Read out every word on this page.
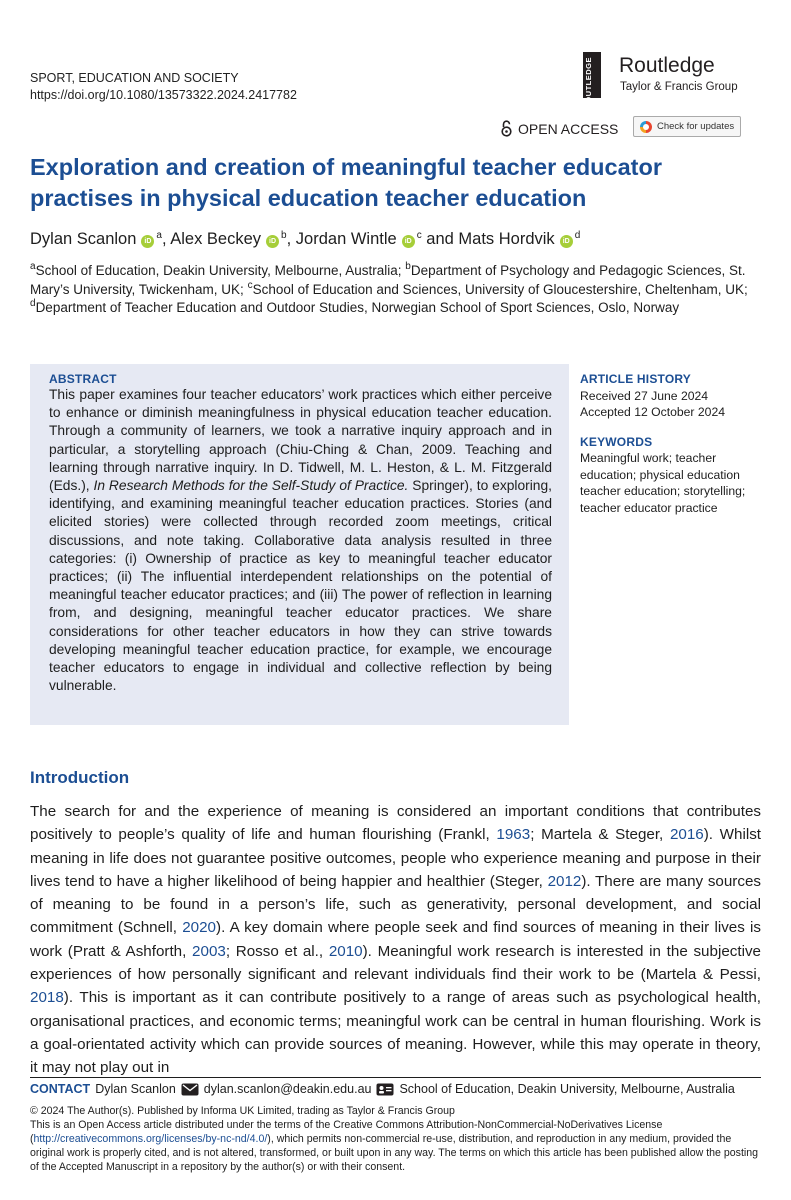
SPORT, EDUCATION AND SOCIETY
https://doi.org/10.1080/13573322.2024.2417782	ROUTLEDGE Routledge
Taylor & Francis Group
OPEN ACCESS	Check for updates
Exploration and creation of meaningful teacher educator practises in physical education teacher education
Dylan Scanlon $iD^a$, Alex Beckey $iD^b$, Jordan Wintle $iD^c$ and Mats Hordvik $iD^d$
$^a$School of Education, Deakin University, Melbourne, Australia; $^b$Department of Psychology and Pedagogic Sciences, St. Mary’s University, Twickenham, UK; $^c$School of Education and Sciences, University of Gloucestershire, Cheltenham, UK; $^d$Department of Teacher Education and Outdoor Studies, Norwegian School of Sport Sciences, Oslo, Norway
ABSTRACT

This paper examines four teacher educators’ work practices which either perceive to enhance or diminish meaningfulness in physical education teacher education. Through a community of learners, we took a narrative inquiry approach and in particular, a storytelling approach (Chiu-Ching & Chan, 2009. Teaching and learning through narrative inquiry. In D. Tidwell, M. L. Heston, & L. M. Fitzgerald (Eds.), In Research Methods for the Self-Study of Practice. Springer), to exploring, identifying, and examining meaningful teacher education practices. Stories (and elicited stories) were collected through recorded zoom meetings, critical discussions, and note taking. Collaborative data analysis resulted in three categories: (i) Ownership of practice as key to meaningful teacher educator practices; (ii) The influential interdependent relationships on the potential of meaningful teacher educator practices; and (iii) The power of reflection in learning from, and designing, meaningful teacher educator practices. We share considerations for other teacher educators in how they can strive towards developing meaningful teacher education practice, for example, we encourage teacher educators to engage in individual and collective reflection by being vulnerable.

ARTICLE HISTORY
Received 27 June 2024
Accepted 12 October 2024
KEYWORDS
Meaningful work; teacher education; physical education teacher education; storytelling; teacher educator practice
Introduction

The search for and the experience of meaning is considered an important conditions that contributes positively to people’s quality of life and human flourishing (Frankl, 1963; Martela & Steger, 2016). Whilst meaning in life does not guarantee positive outcomes, people who experience meaning and purpose in their lives tend to have a higher likelihood of being happier and healthier (Steger, 2012). There are many sources of meaning to be found in a person’s life, such as generativity, personal development, and social commitment (Schnell, 2020). A key domain where people seek and find sources of meaning in their lives is work (Pratt & Ashforth, 2003; Rosso et al., 2010). Meaningful work research is interested in the subjective experiences of how personally significant and relevant individuals find their work to be (Martela & Pessi, 2018). This is important as it can contribute positively to a range of areas such as psychological health, organisational practices, and economic terms; meaningful work can be central in human flourishing. Work is a goal-orientated activity which can provide sources of meaning. However, while this may operate in theory, it may not play out in

CONTACT Dylan Scanlon dylan.scanlon@deakin.edu.au School of Education, Deakin University, Melbourne, Australia
© 2024 The Author(s). Published by Informa UK Limited, trading as Taylor & Francis Group
This is an Open Access article distributed under the terms of the Creative Commons Attribution-NonCommercial-NoDerivatives License (http://creativecommons.org/licenses/by-nc-nd/4.0/), which permits non-commercial re-use, distribution, and reproduction in any medium, provided the original work is properly cited, and is not altered, transformed, or built upon in any way. The terms on which this article has been published allow the posting of the Accepted Manuscript in a repository by the author(s) or with their consent.
